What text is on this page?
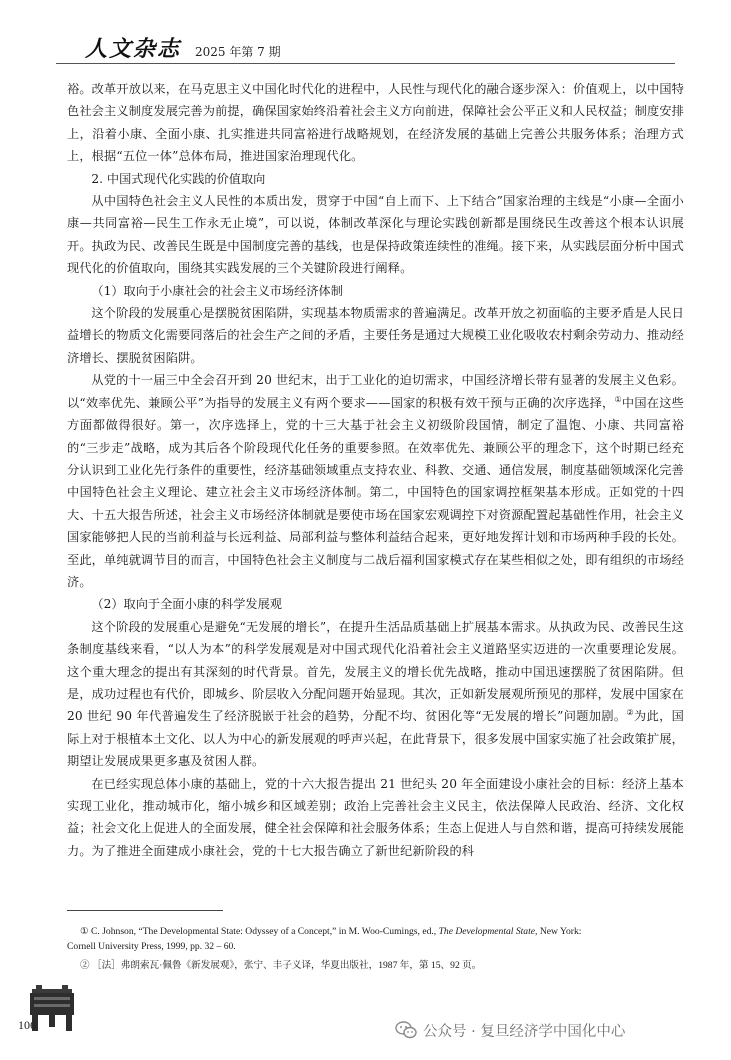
人文杂志 2025 年第 7 期

裕。改革开放以来，在马克思主义中国化时代化的进程中，人民性与现代化的融合逐步深入：价值观上，以中国特色社会主义制度发展完善为前提，确保国家始终沿着社会主义方向前进，保障社会公平正义和人民权益；制度安排上，沿着小康、全面小康、扎实推进共同富裕进行战略规划，在经济发展的基础上完善公共服务体系；治理方式上，根据“五位一体”总体布局，推进国家治理现代化。

2. 中国式现代化实践的价值取向

从中国特色社会主义人民性的本质出发，贯穿于中国“自上而下、上下结合”国家治理的主线是“小康—全面小康—共同富裕—民生工作永无止境”，可以说，体制改革深化与理论实践创新都是围绕民生改善这个根本认识展开。执政为民、改善民生既是中国制度完善的基线，也是保持政策连续性的准绳。接下来，从实践层面分析中国式现代化的价值取向，围绕其实践发展的三个关键阶段进行阐释。

（1）取向于小康社会的社会主义市场经济体制

这个阶段的发展重心是摆脱贫困陷阱，实现基本物质需求的普遍满足。改革开放之初面临的主要矛盾是人民日益增长的物质文化需要同落后的社会生产之间的矛盾，主要任务是通过大规模工业化吸收农村剩余劳动力、推动经济增长、摆脱贫困陷阱。

从党的十一届三中全会召开到 20 世纪末，出于工业化的迫切需求，中国经济增长带有显著的发展主义色彩。以“效率优先、兼顾公平”为指导的发展主义有两个要求——国家的积极有效干预与正确的次序选择，①中国在这些方面都做得很好。第一，次序选择上，党的十三大基于社会主义初级阶段国情，制定了温饱、小康、共同富裕的“三步走”战略，成为其后各个阶段现代化任务的重要参照。在效率优先、兼顾公平的理念下，这个时期已经充分认识到工业化先行条件的重要性，经济基础领域重点支持农业、科教、交通、通信发展，制度基础领域深化完善中国特色社会主义理论、建立社会主义市场经济体制。第二，中国特色的国家调控框架基本形成。正如党的十四大、十五大报告所述，社会主义市场经济体制就是要使市场在国家宏观调控下对资源配置起基础性作用，社会主义国家能够把人民的当前利益与长远利益、局部利益与整体利益结合起来，更好地发挥计划和市场两种手段的长处。至此，单纯就调节目的而言，中国特色社会主义制度与二战后福利国家模式存在某些相似之处，即有组织的市场经济。

（2）取向于全面小康的科学发展观

这个阶段的发展重心是避免“无发展的增长”，在提升生活品质基础上扩展基本需求。从执政为民、改善民生这条制度基线来看，“以人为本”的科学发展观是对中国式现代化沿着社会主义道路坚实迈进的一次重要理论发展。这个重大理念的提出有其深刻的时代背景。首先，发展主义的增长优先战略，推动中国迅速摆脱了贫困陷阱。但是，成功过程也有代价，即城乡、阶层收入分配问题开始显现。其次，正如新发展观所预见的那样，发展中国家在 20 世纪 90 年代普遍发生了经济脱嵌于社会的趋势，分配不均、贫困化等“无发展的增长”问题加剧。②为此，国际上对于根植本土文化、以人为中心的新发展观的呼声兴起，在此背景下，很多发展中国家实施了社会政策扩展，期望让发展成果更多惠及贫困人群。

在已经实现总体小康的基础上，党的十六大报告提出 21 世纪头 20 年全面建设小康社会的目标：经济上基本实现工业化，推动城市化，缩小城乡和区域差别；政治上完善社会主义民主，依法保障人民政治、经济、文化权益；社会文化上促进人的全面发展，健全社会保障和社会服务体系；生态上促进人与自然和谐，提高可持续发展能力。为了推进全面建成小康社会，党的十七大报告确立了新世纪新阶段的科

① C. Johnson, “The Developmental State: Odyssey of a Concept,” in M. Woo-Cumings, ed., The Developmental State, New York:

Cornell University Press, 1999, pp. 32 – 60.

② ［法］弗朗索瓦·佩鲁《新发展观》，张宁、丰子义译，华夏出版社，1987 年，第 15、92 页。

106	公众号 · 复旦经济学中国化中心
